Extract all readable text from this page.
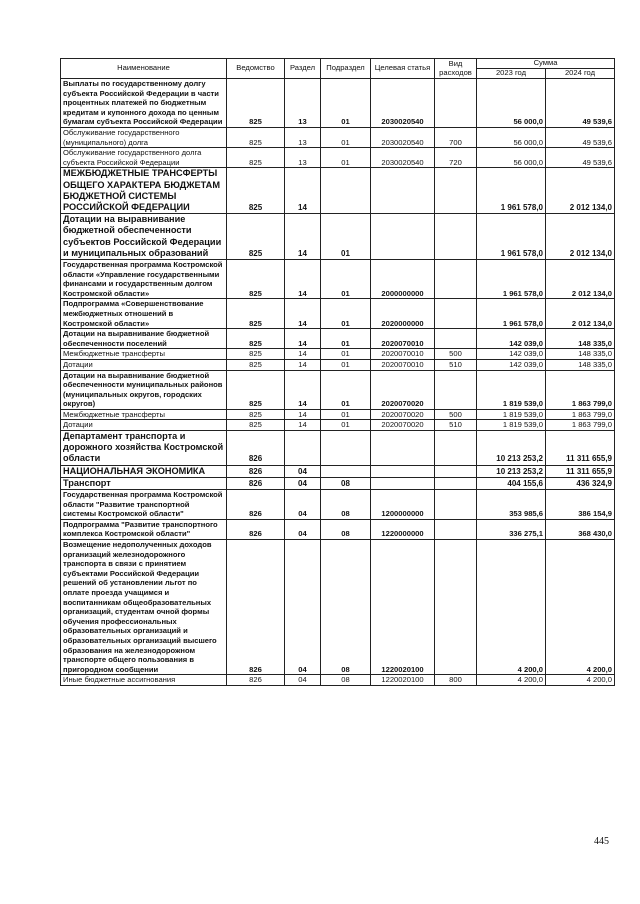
Наименование	Ведомство	Раздел	Подраздел	Целевая статья	Вид расходов	Сумма	
						2023 год	2024 год
Выплаты по государственному долгу субъекта Российской Федерации в части процентных платежей по бюджетным кредитам и купонного дохода по ценным бумагам субъекта Российской Федерации	825	13	01	2030020540		56 000,0	49 539,6
Обслуживание государственного (муниципального) долга	825	13	01	2030020540	700	56 000,0	49 539,6
Обслуживание государственного долга субъекта Российской Федерации	825	13	01	2030020540	720	56 000,0	49 539,6
МЕЖБЮДЖЕТНЫЕ ТРАНСФЕРТЫ ОБЩЕГО ХАРАКТЕРА БЮДЖЕТАМ БЮДЖЕТНОЙ СИСТЕМЫ РОССИЙСКОЙ ФЕДЕРАЦИИ	825	14				1 961 578,0	2 012 134,0
Дотации на выравнивание бюджетной обеспеченности субъектов Российской Федерации и муниципальных образований	825	14	01			1 961 578,0	2 012 134,0
Государственная программа Костромской области «Управление государственными финансами и государственным долгом Костромской области»	825	14	01	2000000000		1 961 578,0	2 012 134,0
Подпрограмма «Совершенствование межбюджетных отношений в Костромской области»	825	14	01	2020000000		1 961 578,0	2 012 134,0
Дотации на выравнивание бюджетной обеспеченности поселений	825	14	01	2020070010		142 039,0	148 335,0
Межбюджетные трансферты	825	14	01	2020070010	500	142 039,0	148 335,0
Дотации	825	14	01	2020070010	510	142 039,0	148 335,0
Дотации на выравнивание бюджетной обеспеченности муниципальных районов (муниципальных округов, городских округов)	825	14	01	2020070020		1 819 539,0	1 863 799,0
Межбюджетные трансферты	825	14	01	2020070020	500	1 819 539,0	1 863 799,0
Дотации	825	14	01	2020070020	510	1 819 539,0	1 863 799,0
Департамент транспорта и дорожного хозяйства Костромской области	826					10 213 253,2	11 311 655,9
НАЦИОНАЛЬНАЯ ЭКОНОМИКА	826	04				10 213 253,2	11 311 655,9
Транспорт	826	04	08			404 155,6	436 324,9
Государственная программа Костромской области "Развитие транспортной системы Костромской области"	826	04	08	1200000000		353 985,6	386 154,9
Подпрограмма "Развитие транспортного комплекса Костромской области"	826	04	08	1220000000		336 275,1	368 430,0
Возмещение недополученных доходов организаций железнодорожного транспорта в связи с принятием субъектами Российской Федерации решений об установлении льгот по оплате проезда учащимся и воспитанникам общеобразовательных организаций, студентам очной формы обучения профессиональных образовательных организаций и образовательных организаций высшего образования на железнодорожном транспорте общего пользования в пригородном сообщении	826	04	08	1220020100		4 200,0	4 200,0
Иные бюджетные ассигнования	826	04	08	1220020100	800	4 200,0	4 200,0
445
